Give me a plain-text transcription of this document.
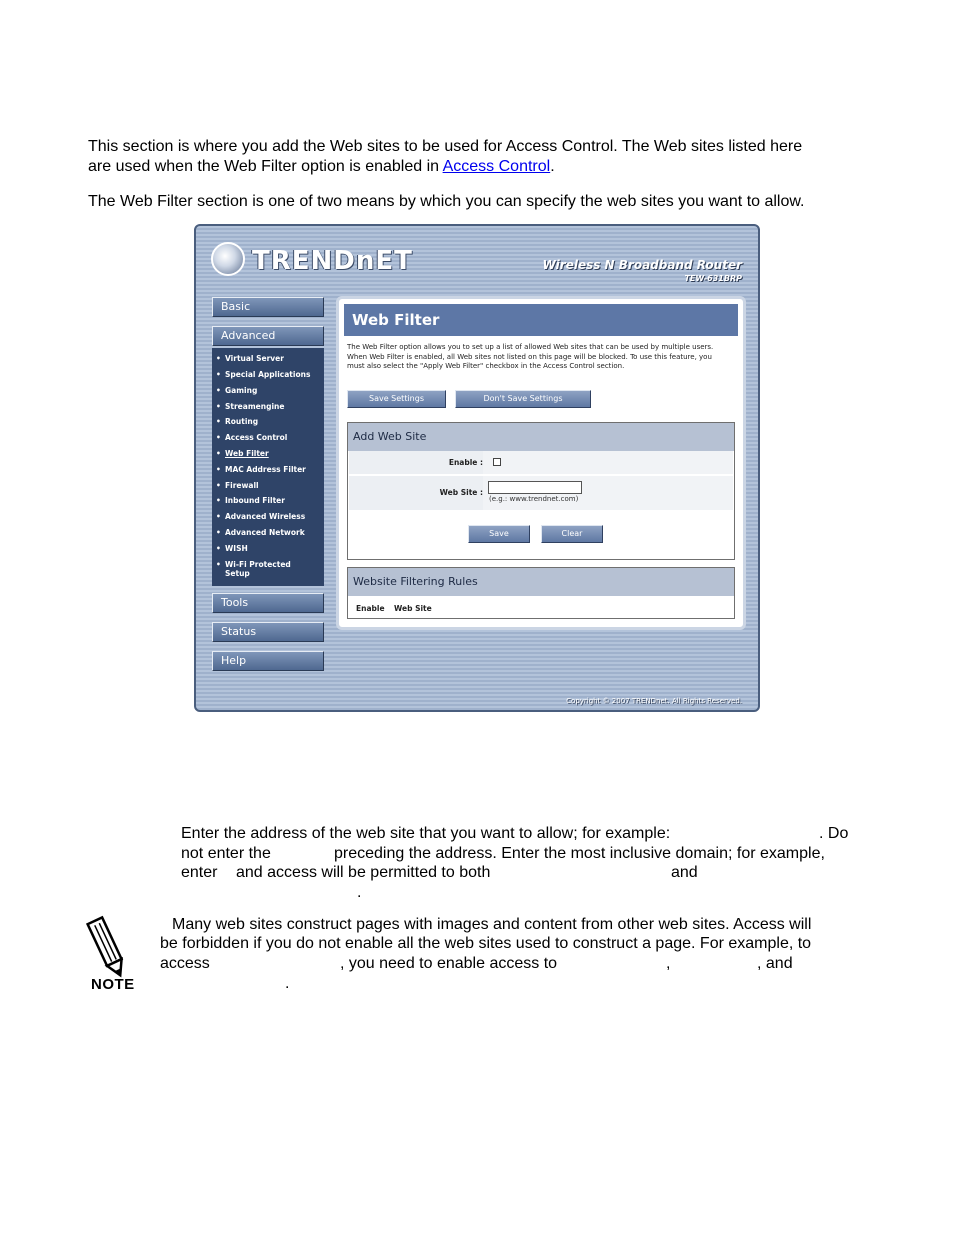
This section is where you add the Web sites to be used for Access Control. The Web sites listed here
are used when the Web Filter option is enabled in Access Control.
The Web Filter section is one of two means by which you can specify the web sites you want to allow.
TRENDnET	Wireless N Broadband Router
TEW-631BRP
Basic
Advanced
• Virtual Server
• Special Applications
• Gaming
• Streamengine
• Routing
• Access Control
• Web Filter
• MAC Address Filter
• Firewall
• Inbound Filter
• Advanced Wireless
• Advanced Network
• WISH
• Wi-Fi Protected
Setup
Tools
Status
Help
Web Filter
The Web Filter option allows you to set up a list of allowed Web sites that can be used by multiple users. When Web Filter is enabled, all Web sites not listed on this page will be blocked. To use this feature, you must also select the "Apply Web Filter" checkbox in the Access Control section.
Save Settings	Don't Save Settings
Add Web Site
Enable :
Web Site :
(e.g.: www.trendnet.com)
Save	Clear
Website Filtering Rules
Enable Web Site
Copyright © 2007 TRENDnet. All Rights Reserved.
Enter the address of the web site that you want to allow; for example:	. Do
not enter the	preceding the address. Enter the most inclusive domain; for example,
enter and access will be permitted to both	and
.
NOTE
Many web sites construct pages with images and content from other web sites. Access will
be forbidden if you do not enable all the web sites used to construct a page. For example, to
access	, you need to enable access to	,	, and
.
